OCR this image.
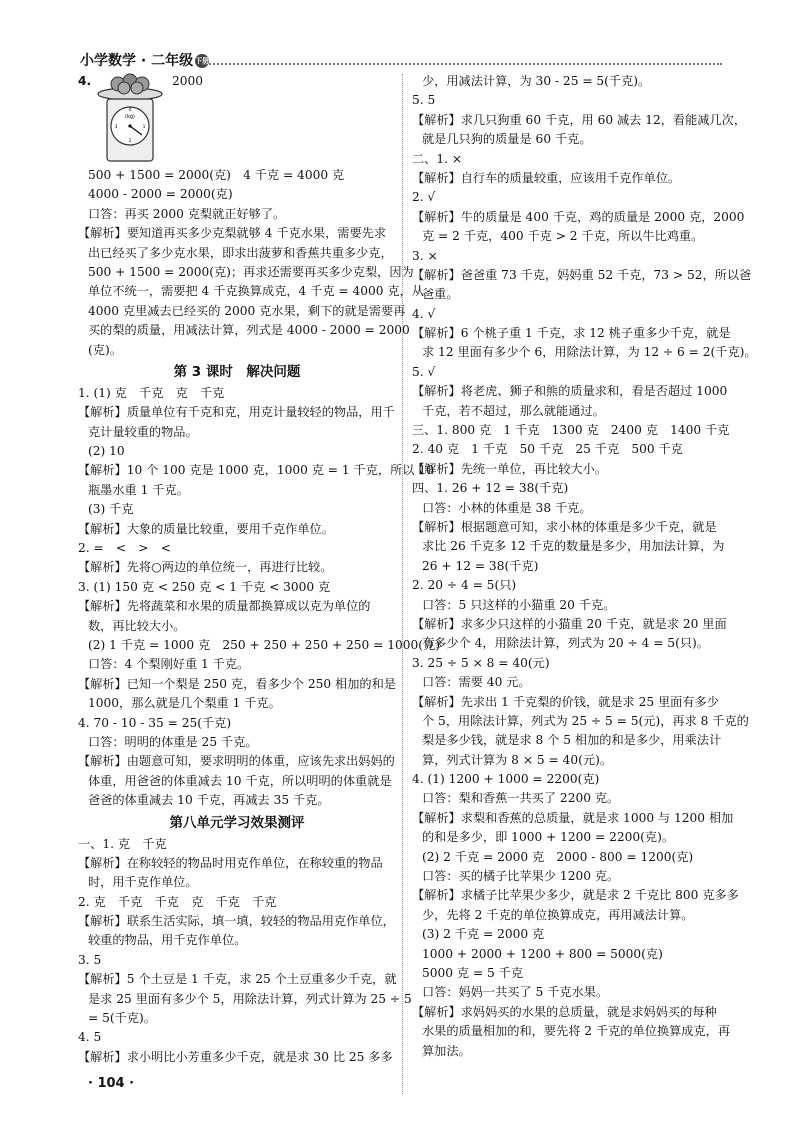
小学数学 · 二年级 下册
4.	2000
(kg)
0
3	1
2
500 + 1500 = 2000(克)　4 千克 = 4000 克
4000 - 2000 = 2000(克)
口答：再买 2000 克梨就正好够了。
【解析】要知道再买多少克梨就够 4 千克水果，需要先求
出已经买了多少克水果，即求出菠萝和香蕉共重多少克，
500 + 1500 = 2000(克)；再求还需要再买多少克梨，因为
单位不统一，需要把 4 千克换算成克，4 千克 = 4000 克，从
4000 克里减去已经买的 2000 克水果，剩下的就是需要再
买的梨的质量，用减法计算，列式是 4000 - 2000 = 2000
(克)。
第 3 课时　解决问题
1. (1) 克　千克　克　千克
【解析】质量单位有千克和克，用克计量较轻的物品，用千
克计量较重的物品。
(2) 10
【解析】10 个 100 克是 1000 克，1000 克 = 1 千克，所以 10
瓶墨水重 1 千克。
(3) 千克
【解析】大象的质量比较重，要用千克作单位。
2. =　<　>　<
【解析】先将○两边的单位统一，再进行比较。
3. (1) 150 克 < 250 克 < 1 千克 < 3000 克
【解析】先将蔬菜和水果的质量都换算成以克为单位的
数，再比较大小。
(2) 1 千克 = 1000 克　250 + 250 + 250 + 250 = 1000(克)
口答：4 个梨刚好重 1 千克。
【解析】已知一个梨是 250 克，看多少个 250 相加的和是
1000，那么就是几个梨重 1 千克。
4. 70 - 10 - 35 = 25(千克)
口答：明明的体重是 25 千克。
【解析】由题意可知，要求明明的体重，应该先求出妈妈的
体重，用爸爸的体重减去 10 千克，所以明明的体重就是
爸爸的体重减去 10 千克，再减去 35 千克。
第八单元学习效果测评
一、1. 克　千克
【解析】在称较轻的物品时用克作单位，在称较重的物品
时，用千克作单位。
2. 克　千克　千克　克　千克　千克
【解析】联系生活实际，填一填，较轻的物品用克作单位，
较重的物品，用千克作单位。
3. 5
【解析】5 个土豆是 1 千克，求 25 个土豆重多少千克，就
是求 25 里面有多少个 5，用除法计算，列式计算为 25 ÷ 5
= 5(千克)。
4. 5
【解析】求小明比小芳重多少千克，就是求 30 比 25 多多
少，用减法计算，为 30 - 25 = 5(千克)。
5. 5
【解析】求几只狗重 60 千克，用 60 减去 12，看能减几次，
就是几只狗的质量是 60 千克。
二、1. ×
【解析】自行车的质量较重，应该用千克作单位。
2. √
【解析】牛的质量是 400 千克，鸡的质量是 2000 克，2000
克 = 2 千克，400 千克 > 2 千克，所以牛比鸡重。
3. ×
【解析】爸爸重 73 千克，妈妈重 52 千克，73 > 52，所以爸
爸重。
4. √
【解析】6 个桃子重 1 千克，求 12 桃子重多少千克，就是
求 12 里面有多少个 6，用除法计算，为 12 ÷ 6 = 2(千克)。
5. √
【解析】将老虎、狮子和熊的质量求和，看是否超过 1000
千克，若不超过，那么就能通过。
三、1. 800 克　1 千克　1300 克　2400 克　1400 千克
2. 40 克　1 千克　50 千克　25 千克　500 千克
【解析】先统一单位，再比较大小。
四、1. 26 + 12 = 38(千克)
口答：小林的体重是 38 千克。
【解析】根据题意可知，求小林的体重是多少千克，就是
求比 26 千克多 12 千克的数量是多少，用加法计算，为
26 + 12 = 38(千克)
2. 20 ÷ 4 = 5(只)
口答：5 只这样的小猫重 20 千克。
【解析】求多少只这样的小猫重 20 千克，就是求 20 里面
有多少个 4，用除法计算，列式为 20 ÷ 4 = 5(只)。
3. 25 ÷ 5 × 8 = 40(元)
口答：需要 40 元。
【解析】先求出 1 千克梨的价钱，就是求 25 里面有多少
个 5，用除法计算，列式为 25 ÷ 5 = 5(元)，再求 8 千克的
梨是多少钱，就是求 8 个 5 相加的和是多少，用乘法计
算，列式计算为 8 × 5 = 40(元)。
4. (1) 1200 + 1000 = 2200(克)
口答：梨和香蕉一共买了 2200 克。
【解析】求梨和香蕉的总质量，就是求 1000 与 1200 相加
的和是多少，即 1000 + 1200 = 2200(克)。
(2) 2 千克 = 2000 克　2000 - 800 = 1200(克)
口答：买的橘子比苹果少 1200 克。
【解析】求橘子比苹果少多少，就是求 2 千克比 800 克多多
少，先将 2 千克的单位换算成克，再用减法计算。
(3) 2 千克 = 2000 克
1000 + 2000 + 1200 + 800 = 5000(克)
5000 克 = 5 千克
口答：妈妈一共买了 5 千克水果。
【解析】求妈妈买的水果的总质量，就是求妈妈买的每种
水果的质量相加的和，要先将 2 千克的单位换算成克，再
算加法。
· 104 ·
